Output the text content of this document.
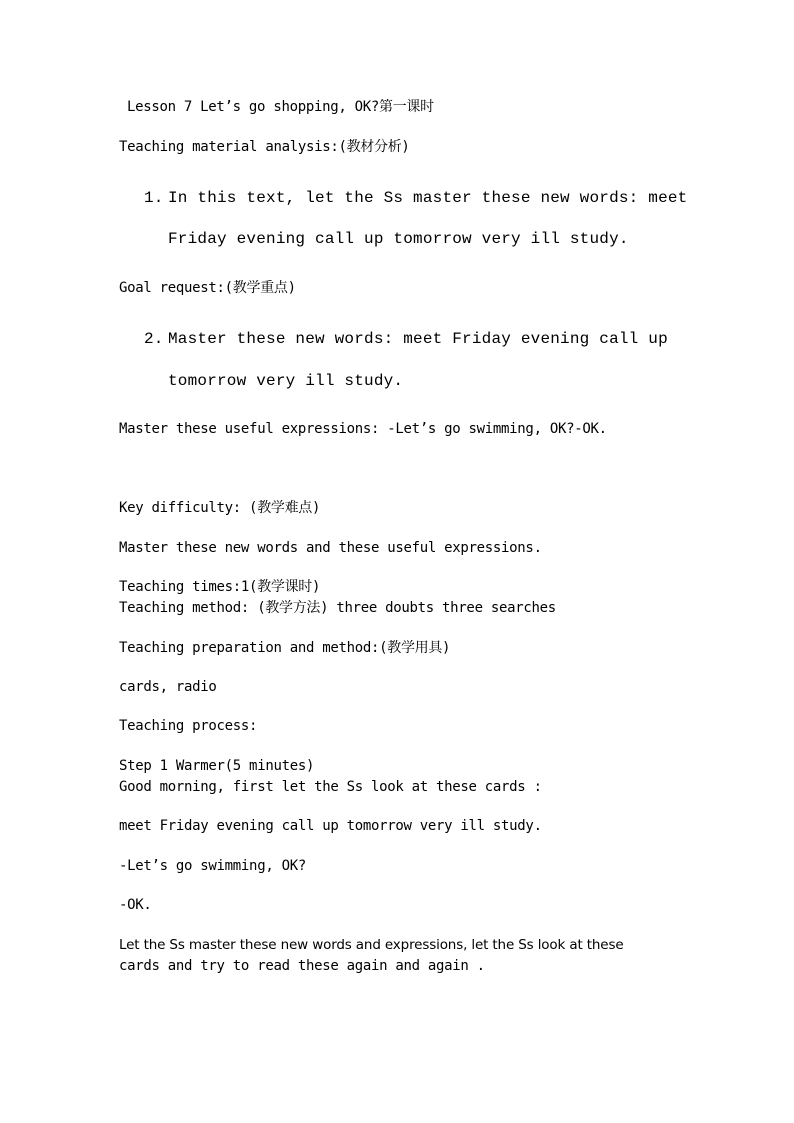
Lesson 7 Let’s go shopping, OK?第一课时
Teaching material analysis:(教材分析)
1. In this text, let the Ss master these new words: meet
Friday evening call up tomorrow very ill study.
Goal request:(教学重点)
2. Master these new words: meet Friday evening call up
tomorrow very ill study.
Master these useful expressions: -Let’s go swimming, OK?-OK.
Key difficulty: (教学难点)
Master these new words and these useful expressions.
Teaching times:1(教学课时)
Teaching method: (教学方法) three doubts three searches
Teaching preparation and method:(教学用具)
cards, radio
Teaching process:
Step 1 Warmer(5 minutes)
Good morning, first let the Ss look at these cards :
meet Friday evening call up tomorrow very ill study.
-Let’s go swimming, OK?
-OK.
Let the Ss master these new words and expressions, let the Ss look at these
cards and try to read these again and again .
